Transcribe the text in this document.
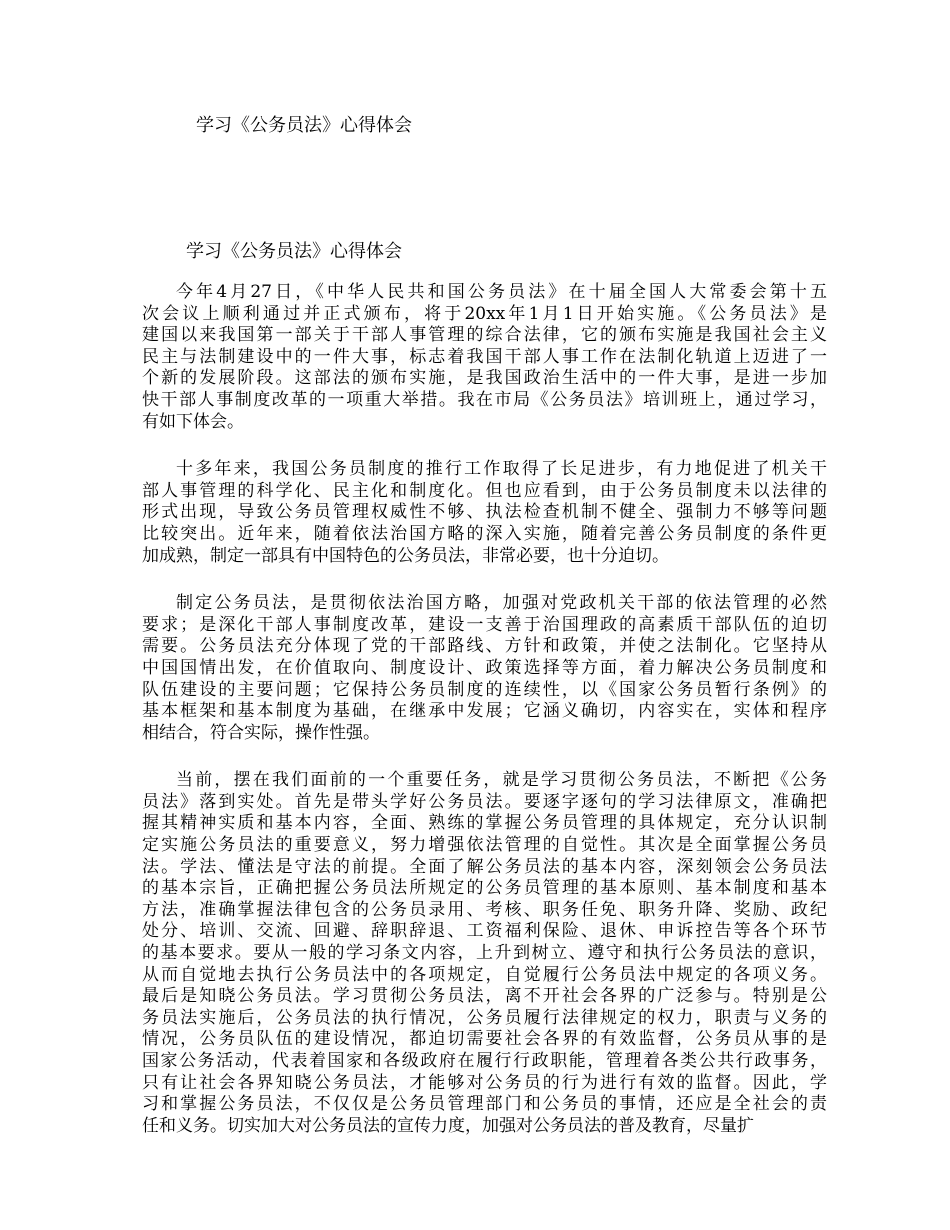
学习《公务员法》心得体会
学习《公务员法》心得体会
今年4月27日，《中华人民共和国公务员法》在十届全国人大常委会第十五
次会议上顺利通过并正式颁布，将于20xx年1月1日开始实施。《公务员法》是
建国以来我国第一部关于干部人事管理的综合法律，它的颁布实施是我国社会主义
民主与法制建设中的一件大事，标志着我国干部人事工作在法制化轨道上迈进了一
个新的发展阶段。这部法的颁布实施，是我国政治生活中的一件大事，是进一步加
快干部人事制度改革的一项重大举措。我在市局《公务员法》培训班上，通过学习，
有如下体会。
十多年来，我国公务员制度的推行工作取得了长足进步，有力地促进了机关干
部人事管理的科学化、民主化和制度化。但也应看到，由于公务员制度未以法律的
形式出现，导致公务员管理权威性不够、执法检查机制不健全、强制力不够等问题
比较突出。近年来，随着依法治国方略的深入实施，随着完善公务员制度的条件更
加成熟，制定一部具有中国特色的公务员法，非常必要，也十分迫切。
制定公务员法，是贯彻依法治国方略，加强对党政机关干部的依法管理的必然
要求；是深化干部人事制度改革，建设一支善于治国理政的高素质干部队伍的迫切
需要。公务员法充分体现了党的干部路线、方针和政策，并使之法制化。它坚持从
中国国情出发，在价值取向、制度设计、政策选择等方面，着力解决公务员制度和
队伍建设的主要问题；它保持公务员制度的连续性，以《国家公务员暂行条例》的
基本框架和基本制度为基础，在继承中发展；它涵义确切，内容实在，实体和程序
相结合，符合实际，操作性强。
当前，摆在我们面前的一个重要任务，就是学习贯彻公务员法，不断把《公务
员法》落到实处。首先是带头学好公务员法。要逐字逐句的学习法律原文，准确把
握其精神实质和基本内容，全面、熟练的掌握公务员管理的具体规定，充分认识制
定实施公务员法的重要意义，努力增强依法管理的自觉性。其次是全面掌握公务员
法。学法、懂法是守法的前提。全面了解公务员法的基本内容，深刻领会公务员法
的基本宗旨，正确把握公务员法所规定的公务员管理的基本原则、基本制度和基本
方法，准确掌握法律包含的公务员录用、考核、职务任免、职务升降、奖励、政纪
处分、培训、交流、回避、辞职辞退、工资福利保险、退休、申诉控告等各个环节
的基本要求。要从一般的学习条文内容，上升到树立、遵守和执行公务员法的意识，
从而自觉地去执行公务员法中的各项规定，自觉履行公务员法中规定的各项义务。
最后是知晓公务员法。学习贯彻公务员法，离不开社会各界的广泛参与。特别是公
务员法实施后，公务员法的执行情况，公务员履行法律规定的权力，职责与义务的
情况，公务员队伍的建设情况，都迫切需要社会各界的有效监督，公务员从事的是
国家公务活动，代表着国家和各级政府在履行行政职能，管理着各类公共行政事务，
只有让社会各界知晓公务员法，才能够对公务员的行为进行有效的监督。因此，学
习和掌握公务员法，不仅仅是公务员管理部门和公务员的事情，还应是全社会的责
任和义务。切实加大对公务员法的宣传力度，加强对公务员法的普及教育，尽量扩
